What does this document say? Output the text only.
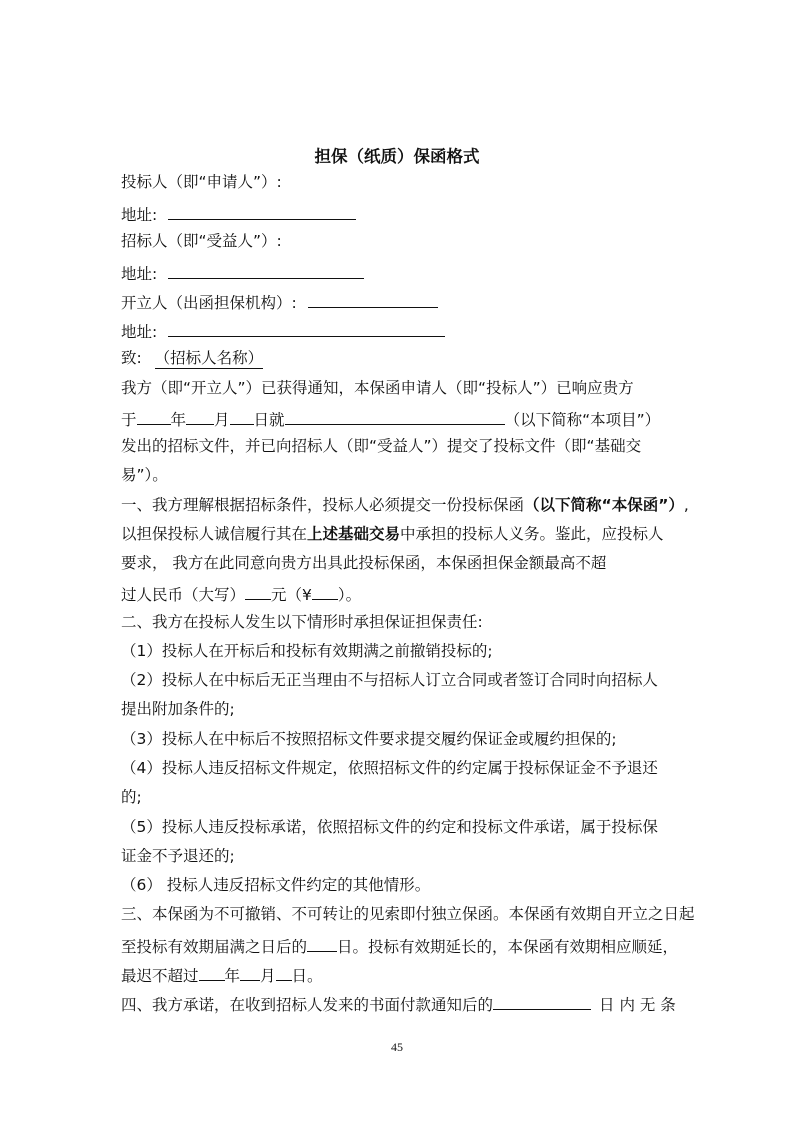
担保（纸质）保函格式
投标人（即“申请人”）:
地址:
招标人（即“受益人”）:
地址:
开立人（出函担保机构）:
地址:
致: （招标人名称）
我方（即“开立人”）已获得通知，本保函申请人（即“投标人”）已响应贵方
于 年 月 日就	（以下简称“本项目”）
发出的招标文件，并已向招标人（即“受益人”）提交了投标文件（即“基础交
易”）。
一、我方理解根据招标条件，投标人必须提交一份投标保函（以下简称“本保函”）,
以担保投标人诚信履行其在上述基础交易中承担的投标人义务。鉴此，应投标人
要求， 我方在此同意向贵方出具此投标保函，本保函担保金额最高不超
过人民币（大写） 元（¥ ）。
二、我方在投标人发生以下情形时承担保证担保责任:
（1）投标人在开标后和投标有效期满之前撤销投标的;
（2）投标人在中标后无正当理由不与招标人订立合同或者签订合同时向招标人
提出附加条件的;
（3）投标人在中标后不按照招标文件要求提交履约保证金或履约担保的;
（4）投标人违反招标文件规定，依照招标文件的约定属于投标保证金不予退还
的;
（5）投标人违反投标承诺，依照招标文件的约定和投标文件承诺，属于投标保
证金不予退还的;
（6） 投标人违反招标文件约定的其他情形。
三、本保函为不可撤销、不可转让的见索即付独立保函。本保函有效期自开立之日起
至投标有效期届满之日后的 日。投标有效期延长的，本保函有效期相应顺延，
最迟不超过 年 月 日。
四、我方承诺，在收到招标人发来的书面付款通知后的	日 内 无 条
45
